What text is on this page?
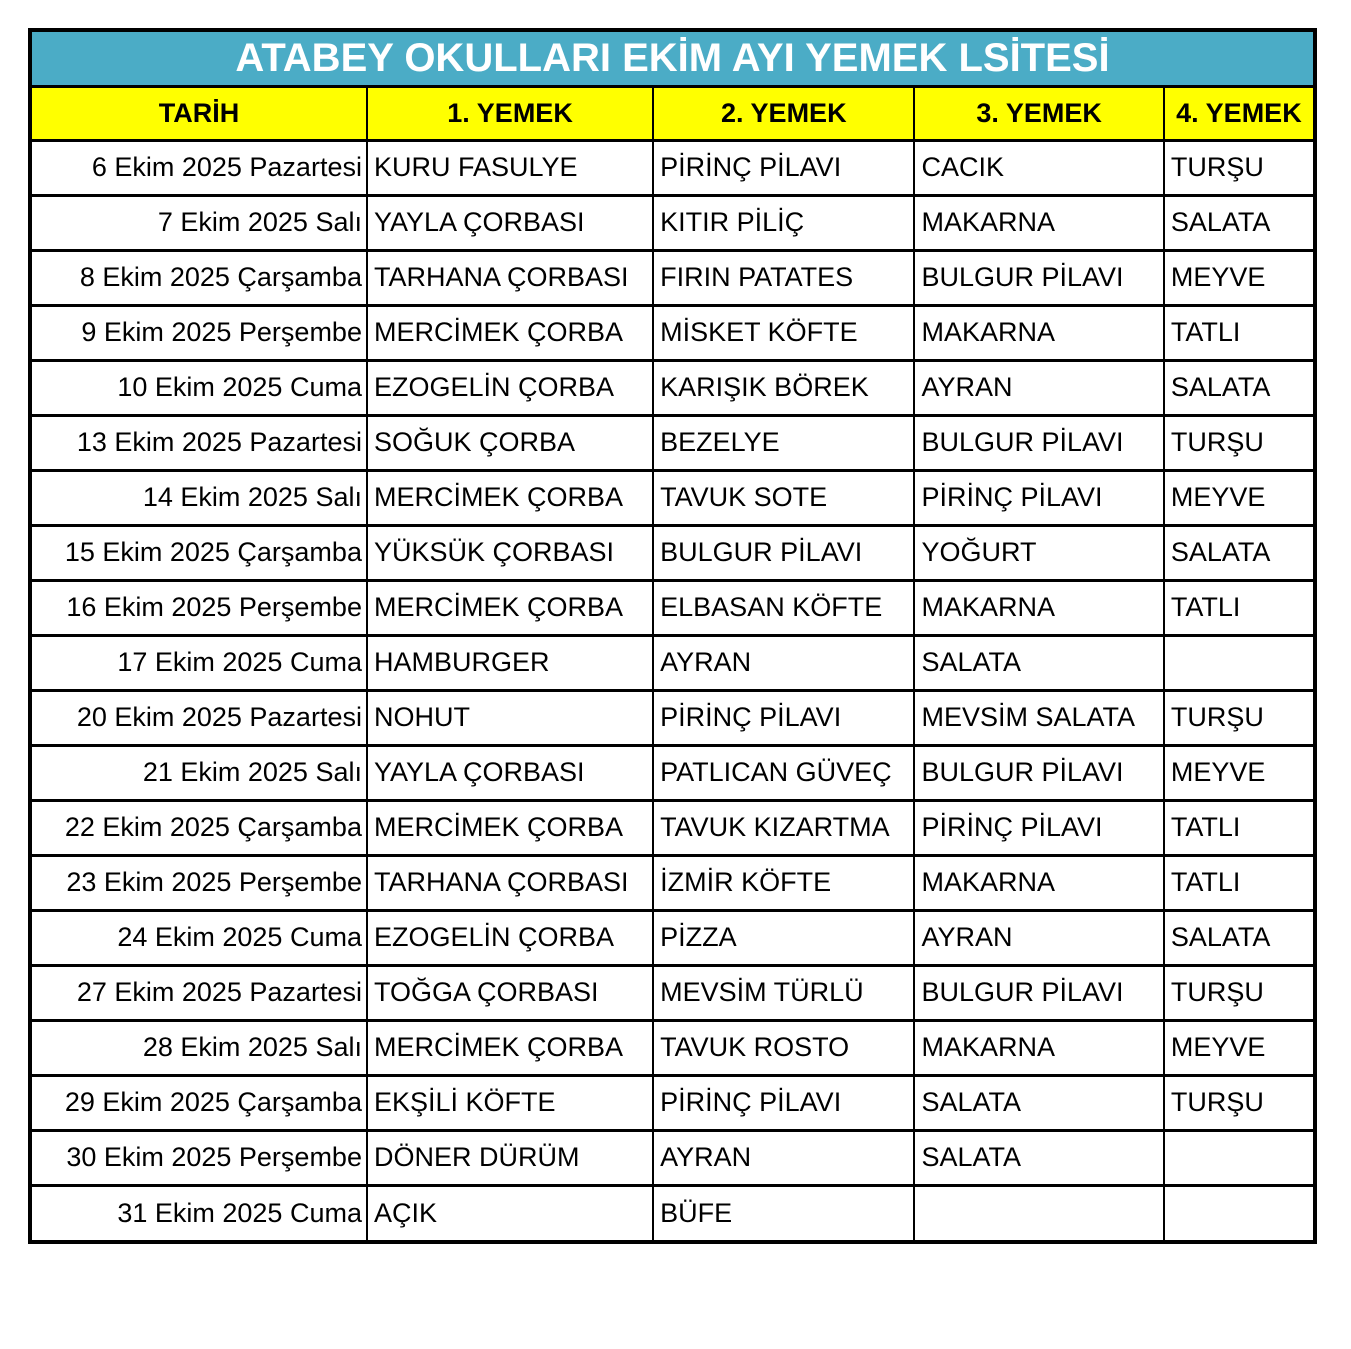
ATABEY OKULLARI EKİM AYI YEMEK LSİTESİ
TARİH	1. YEMEK	2. YEMEK	3. YEMEK	4. YEMEK
6 Ekim 2025 Pazartesi	KURU FASULYE	PİRİNÇ PİLAVI	CACIK	TURŞU
7 Ekim 2025 Salı	YAYLA ÇORBASI	KITIR PİLİÇ	MAKARNA	SALATA
8 Ekim 2025 Çarşamba	TARHANA ÇORBASI	FIRIN PATATES	BULGUR PİLAVI	MEYVE
9 Ekim 2025 Perşembe	MERCİMEK ÇORBA	MİSKET KÖFTE	MAKARNA	TATLI
10 Ekim 2025 Cuma	EZOGELİN ÇORBA	KARIŞIK BÖREK	AYRAN	SALATA
13 Ekim 2025 Pazartesi	SOĞUK ÇORBA	BEZELYE	BULGUR PİLAVI	TURŞU
14 Ekim 2025 Salı	MERCİMEK ÇORBA	TAVUK SOTE	PİRİNÇ PİLAVI	MEYVE
15 Ekim 2025 Çarşamba	YÜKSÜK ÇORBASI	BULGUR PİLAVI	YOĞURT	SALATA
16 Ekim 2025 Perşembe	MERCİMEK ÇORBA	ELBASAN KÖFTE	MAKARNA	TATLI
17 Ekim 2025 Cuma	HAMBURGER	AYRAN	SALATA	
20 Ekim 2025 Pazartesi	NOHUT	PİRİNÇ PİLAVI	MEVSİM SALATA	TURŞU
21 Ekim 2025 Salı	YAYLA ÇORBASI	PATLICAN GÜVEÇ	BULGUR PİLAVI	MEYVE
22 Ekim 2025 Çarşamba	MERCİMEK ÇORBA	TAVUK KIZARTMA	PİRİNÇ PİLAVI	TATLI
23 Ekim 2025 Perşembe	TARHANA ÇORBASI	İZMİR KÖFTE	MAKARNA	TATLI
24 Ekim 2025 Cuma	EZOGELİN ÇORBA	PİZZA	AYRAN	SALATA
27 Ekim 2025 Pazartesi	TOĞGA ÇORBASI	MEVSİM TÜRLÜ	BULGUR PİLAVI	TURŞU
28 Ekim 2025 Salı	MERCİMEK ÇORBA	TAVUK ROSTO	MAKARNA	MEYVE
29 Ekim 2025 Çarşamba	EKŞİLİ KÖFTE	PİRİNÇ PİLAVI	SALATA	TURŞU
30 Ekim 2025 Perşembe	DÖNER DÜRÜM	AYRAN	SALATA	
31 Ekim 2025 Cuma	AÇIK	BÜFE		
